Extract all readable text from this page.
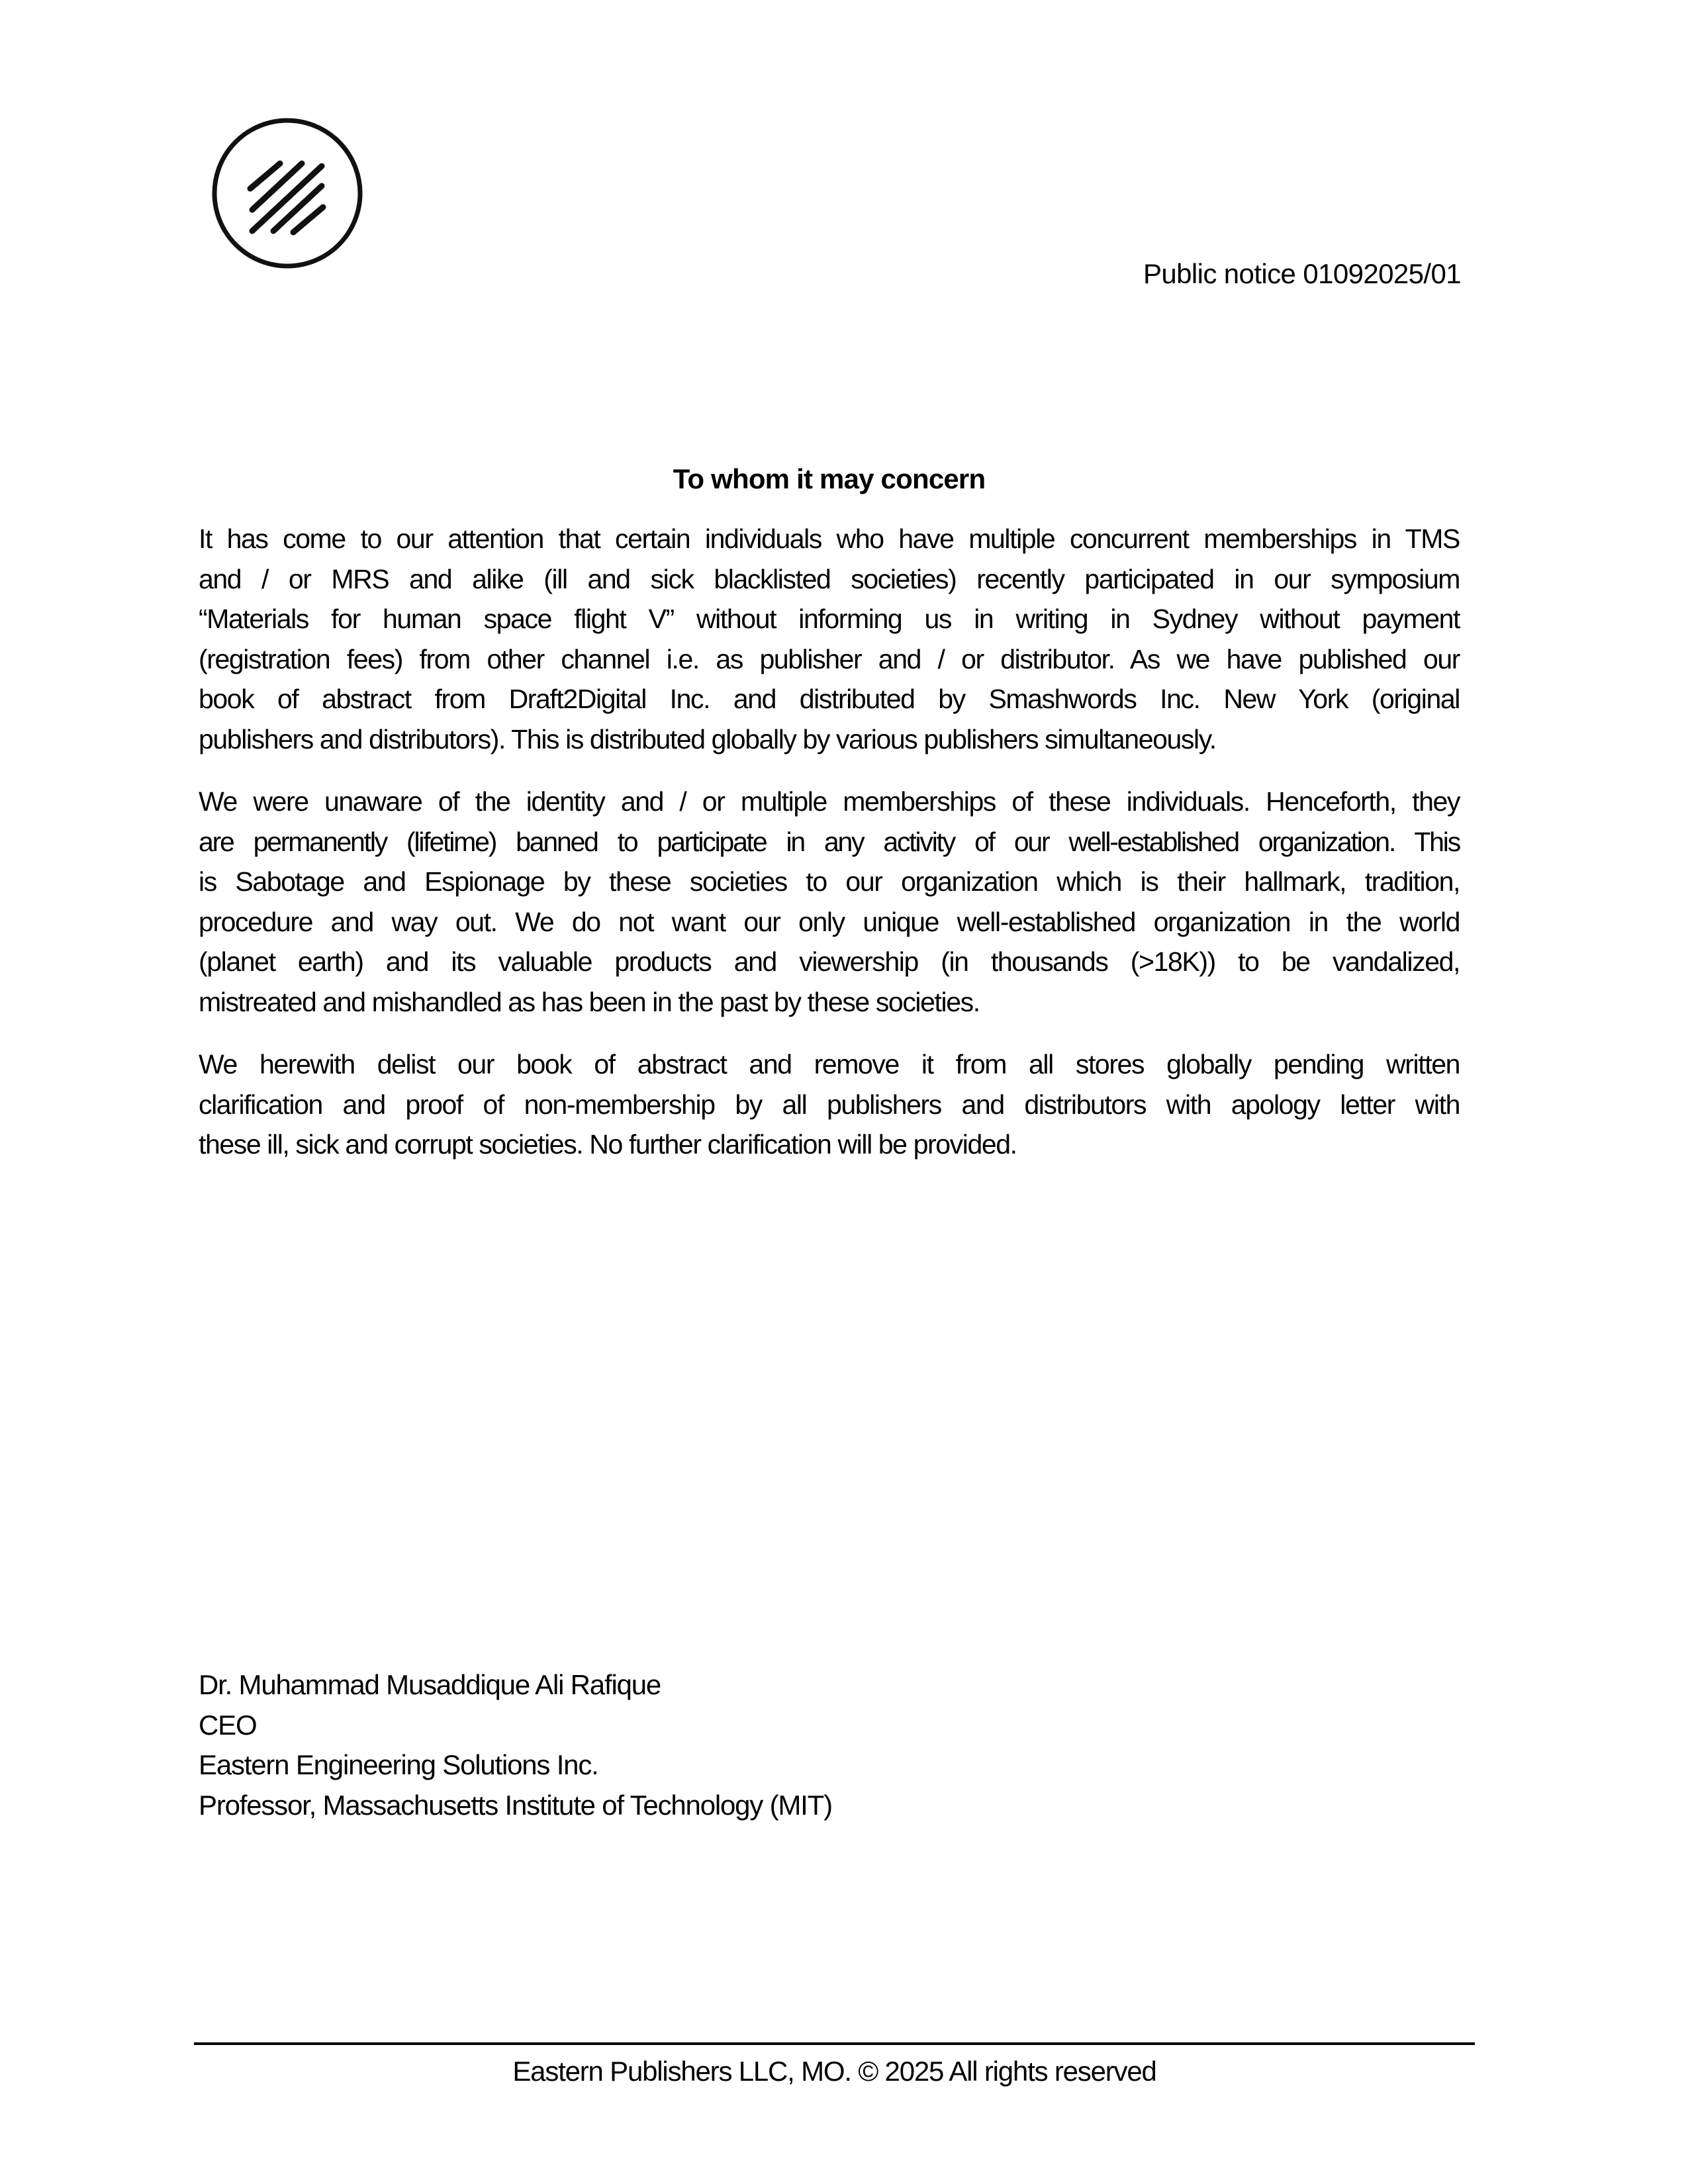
Public notice 01092025/01
To whom it may concern
It has come to our attention that certain individuals who have multiple concurrent memberships in TMS
and / or MRS and alike (ill and sick blacklisted societies) recently participated in our symposium
“Materials for human space flight V” without informing us in writing in Sydney without payment
(registration fees) from other channel i.e. as publisher and / or distributor. As we have published our
book of abstract from Draft2Digital Inc. and distributed by Smashwords Inc. New York (original
publishers and distributors). This is distributed globally by various publishers simultaneously.
We were unaware of the identity and / or multiple memberships of these individuals. Henceforth, they
are permanently (lifetime) banned to participate in any activity of our well-established organization. This
is Sabotage and Espionage by these societies to our organization which is their hallmark, tradition,
procedure and way out. We do not want our only unique well-established organization in the world
(planet earth) and its valuable products and viewership (in thousands (>18K)) to be vandalized,
mistreated and mishandled as has been in the past by these societies.
We herewith delist our book of abstract and remove it from all stores globally pending written
clarification and proof of non-membership by all publishers and distributors with apology letter with
these ill, sick and corrupt societies. No further clarification will be provided.
Dr. Muhammad Musaddique Ali Rafique
CEO
Eastern Engineering Solutions Inc.
Professor, Massachusetts Institute of Technology (MIT)
Eastern Publishers LLC, MO. © 2025 All rights reserved
